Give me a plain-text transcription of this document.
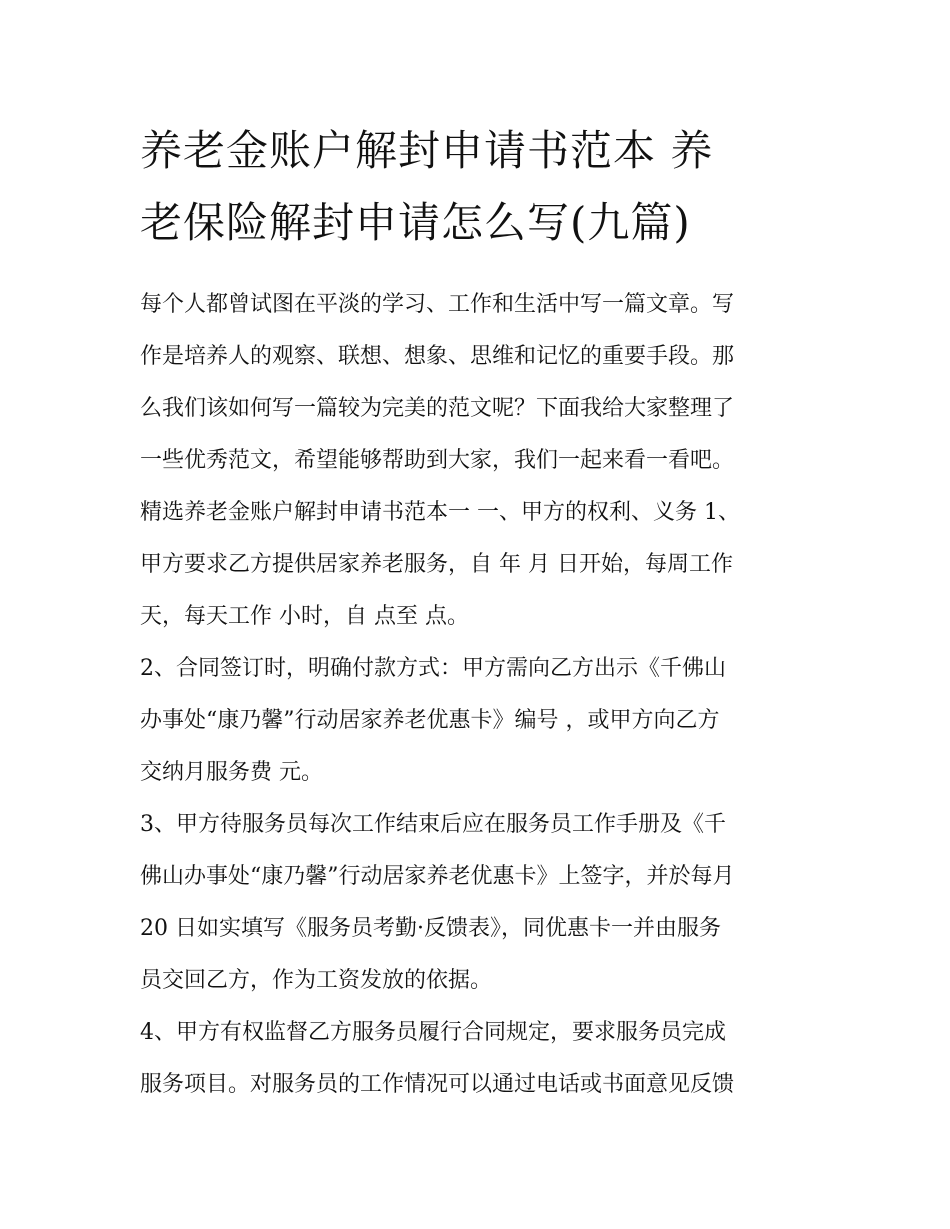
养老金账户解封申请书范本 养
老保险解封申请怎么写(九篇)
每个人都曾试图在平淡的学习、工作和生活中写一篇文章。写
作是培养人的观察、联想、想象、思维和记忆的重要手段。那
么我们该如何写一篇较为完美的范文呢？下面我给大家整理了
一些优秀范文，希望能够帮助到大家，我们一起来看一看吧。
精选养老金账户解封申请书范本一 一、甲方的权利、义务 1、
甲方要求乙方提供居家养老服务，自 年 月 日开始，每周工作
天，每天工作 小时，自 点至 点。
2、合同签订时，明确付款方式：甲方需向乙方出示《千佛山
办事处“康乃馨”行动居家养老优惠卡》编号 ，或甲方向乙方
交纳月服务费 元。
3、甲方待服务员每次工作结束后应在服务员工作手册及《千
佛山办事处“康乃馨”行动居家养老优惠卡》上签字，并於每月
20 日如实填写《服务员考勤·反馈表》，同优惠卡一并由服务
员交回乙方，作为工资发放的依据。
4、甲方有权监督乙方服务员履行合同规定，要求服务员完成
服务项目。对服务员的工作情况可以通过电话或书面意见反馈
